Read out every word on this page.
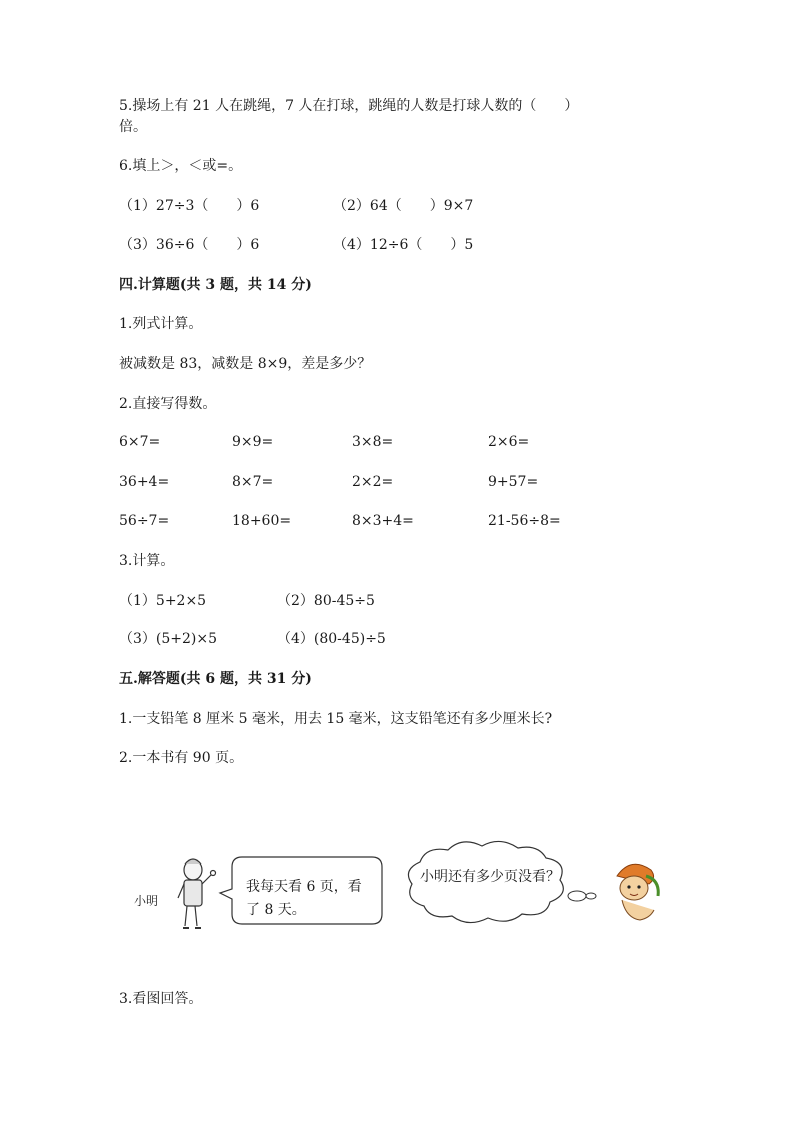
5.操场上有 21 人在跳绳，7 人在打球，跳绳的人数是打球人数的（　　）
倍。
6.填上＞，＜或=。
（1）27÷3（　　）6	（2）64（　　）9×7
（3）36÷6（　　）6	（4）12÷6（　　）5
四.计算题(共 3 题，共 14 分)
1.列式计算。
被减数是 83，减数是 8×9，差是多少？
2.直接写得数。
6×7=	9×9=	3×8=	2×6=
36+4=	8×7=	2×2=	9+57=
56÷7=	18+60=	8×3+4=	21-56÷8=
3.计算。
（1）5+2×5	（2）80-45÷5
（3）(5+2)×5	（4）(80-45)÷5
五.解答题(共 6 题，共 31 分)
1.一支铅笔 8 厘米 5 毫米，用去 15 毫米，这支铅笔还有多少厘米长?
2.一本书有 90 页。
小明
我每天看 6 页，看
了 8 天。
小明还有多少页没看？
3.看图回答。
